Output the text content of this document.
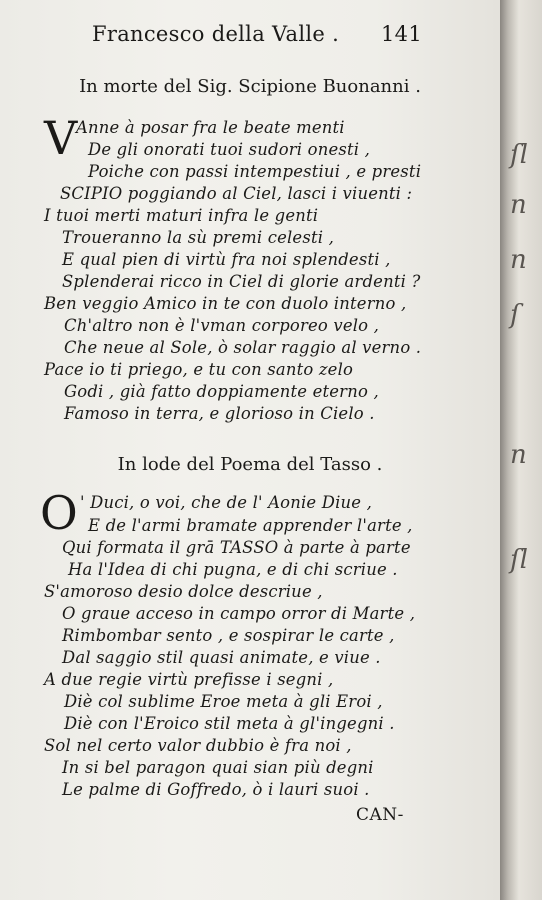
Francesco della Valle . 141
In morte del Sig. Scipione Buonanni .
V
Anne à posar fra le beate menti
De gli onorati tuoi sudori onesti ,
Poiche con passi intempestiui , e presti
SCIPIO poggiando al Ciel, lasci i viuenti :
I tuoi merti maturi infra le genti
Troueranno la sù premi celesti ,
E qual pien di virtù fra noi splendesti ,
Splenderai ricco in Ciel di glorie ardenti ?
Ben veggio Amico in te con duolo interno ,
Ch'altro non è l'vman corporeo velo ,
Che neue al Sole, ò solar raggio al verno .
Pace io ti priego, e tu con santo zelo
Godi , già fatto doppiamente eterno ,
Famoso in terra, e glorioso in Cielo .
In lode del Poema del Tasso .
O ' Duci, o voi, che de l' Aonie Diue ,
E de l'armi bramate apprender l'arte ,
Qui formata il grā TASSO à parte à parte
Ha l'Idea di chi pugna, e di chi scriue .
S'amoroso desio dolce descriue ,
O graue acceso in campo orror di Marte ,
Rimbombar sento , e sospirar le carte ,
Dal saggio stil quasi animate, e viue .
A due regie virtù prefisse i segni ,
Diè col sublime Eroe meta à gli Eroi ,
Diè con l'Eroico stil meta à gl'ingegni .
Sol nel certo valor dubbio è fra noi ,
In si bel paragon quai sian più degni
Le palme di Goffredo, ò i lauri suoi .
CAN-
ſl
n
n
ſ
n
ſl
